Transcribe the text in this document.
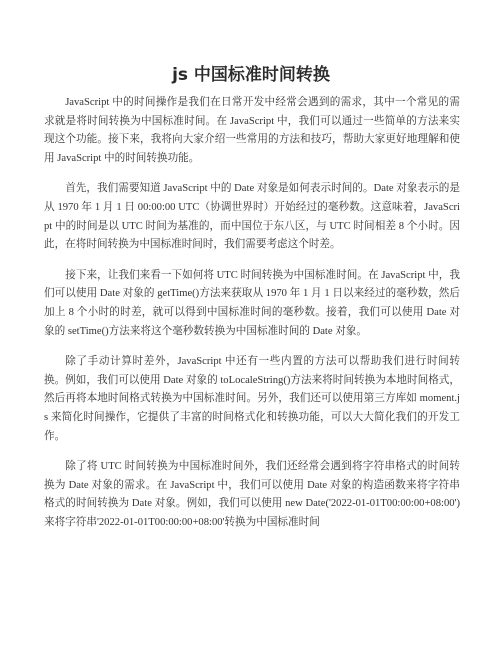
js 中国标准时间转换

JavaScript 中的时间操作是我们在日常开发中经常会遇到的需求，其中一个常见的需求就是将时间转换为中国标准时间。在 JavaScript 中，我们可以通过一些简单的方法来实现这个功能。接下来，我将向大家介绍一些常用的方法和技巧，帮助大家更好地理解和使用 JavaScript 中的时间转换功能。

首先，我们需要知道 JavaScript 中的 Date 对象是如何表示时间的。Date 对象表示的是从 1970 年 1 月 1 日 00:00:00 UTC（协调世界时）开始经过的毫秒数。这意味着，JavaScript 中的时间是以 UTC 时间为基准的，而中国位于东八区，与 UTC 时间相差 8 个小时。因此，在将时间转换为中国标准时间时，我们需要考虑这个时差。

接下来，让我们来看一下如何将 UTC 时间转换为中国标准时间。在 JavaScript 中，我们可以使用 Date 对象的 getTime()方法来获取从 1970 年 1 月 1 日以来经过的毫秒数，然后加上 8 个小时的时差，就可以得到中国标准时间的毫秒数。接着，我们可以使用 Date 对象的 setTime()方法来将这个毫秒数转换为中国标准时间的 Date 对象。

除了手动计算时差外，JavaScript 中还有一些内置的方法可以帮助我们进行时间转换。例如，我们可以使用 Date 对象的 toLocaleString()方法来将时间转换为本地时间格式，然后再将本地时间格式转换为中国标准时间。另外，我们还可以使用第三方库如 moment.js 来简化时间操作，它提供了丰富的时间格式化和转换功能，可以大大简化我们的开发工作。

除了将 UTC 时间转换为中国标准时间外，我们还经常会遇到将字符串格式的时间转换为 Date 对象的需求。在 JavaScript 中，我们可以使用 Date 对象的构造函数来将字符串格式的时间转换为 Date 对象。例如，我们可以使用 new Date('2022-01-01T00:00:00+08:00')来将字符串'2022-01-01T00:00:00+08:00'转换为中国标准时间
